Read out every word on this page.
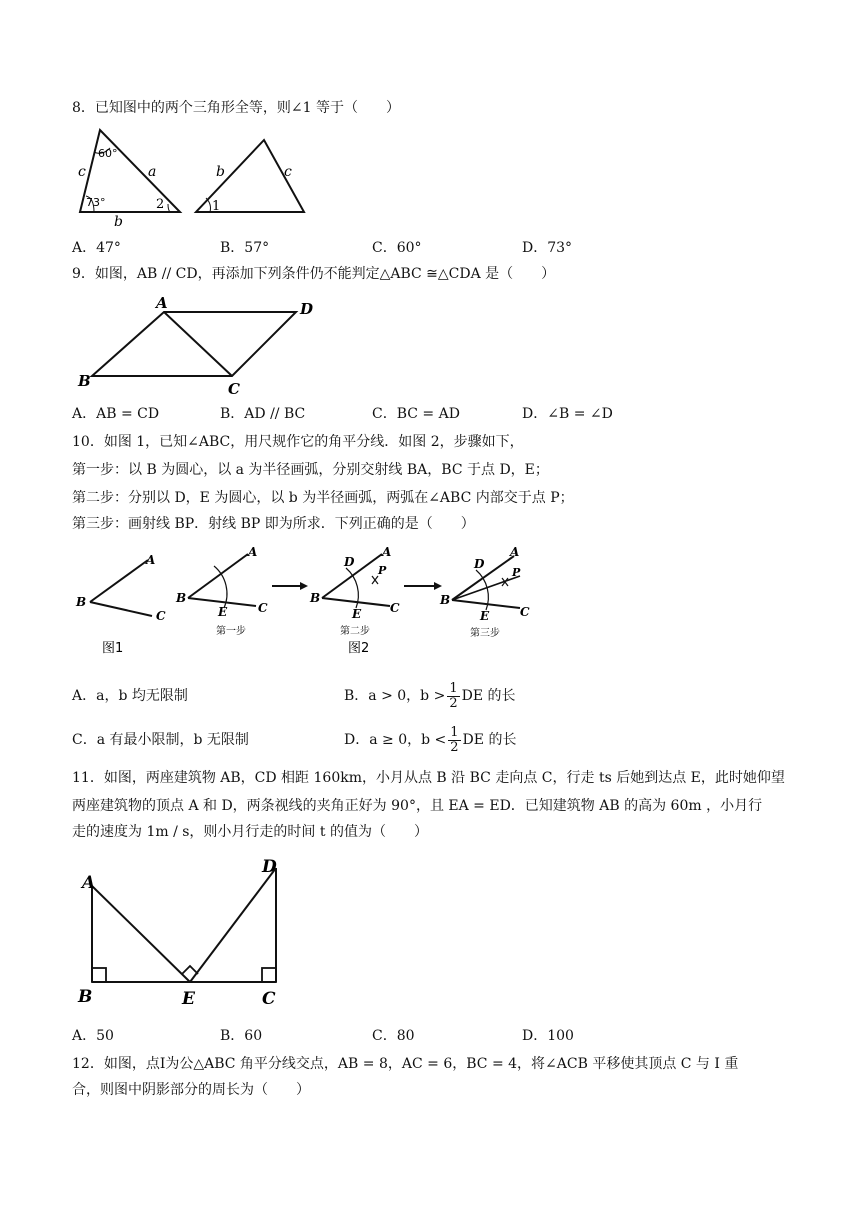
8．已知图中的两个三角形全等，则∠1 等于（　　）
60°
73°
c	a
b
2
b	c
1
A．47°	B．57°	C．60°	D．73°
9．如图，AB // CD，再添加下列条件仍不能判定△ABC ≅△CDA 是（　　）
A	D
B	C
A．AB = CD	B．AD // BC	C．BC = AD	D．∠B = ∠D
10．如图 1，已知∠ABC，用尺规作它的角平分线．如图 2，步骤如下，
第一步：以 B 为圆心，以 a 为半径画弧，分别交射线 BA，BC 于点 D，E；
第二步：分别以 D，E 为圆心，以 b 为半径画弧，两弧在∠ABC 内部交于点 P；
第三步：画射线 BP．射线 BP 即为所求．下列正确的是（　　）
A
B
C
图1
A
B
C
E
第一步
A
D
P
B
C
E
第二步
图2
A
D
P
B
C
E
第三步
A．a，b 均无限制	B．a > 0，$b > \frac{1}{2}$ DE 的长
C．a 有最小限制，b 无限制	D．a ≥ 0，$b < \frac{1}{2}$ DE 的长
11．如图，两座建筑物 AB，CD 相距 160km，小月从点 B 沿 BC 走向点 C，行走 ts 后她到达点 E，此时她仰望
两座建筑物的顶点 A 和 D，两条视线的夹角正好为 90°，且 EA = ED．已知建筑物 AB 的高为 60m ，小月行
走的速度为 1m / s，则小月行走的时间 t 的值为（　　）
A
D
B	E	C
A．50	B．60	C．80	D．100
12．如图，点I为公△ABC 角平分线交点，AB = 8，AC = 6，BC = 4，将∠ACB 平移使其顶点 C 与 I 重
合，则图中阴影部分的周长为（　　）
